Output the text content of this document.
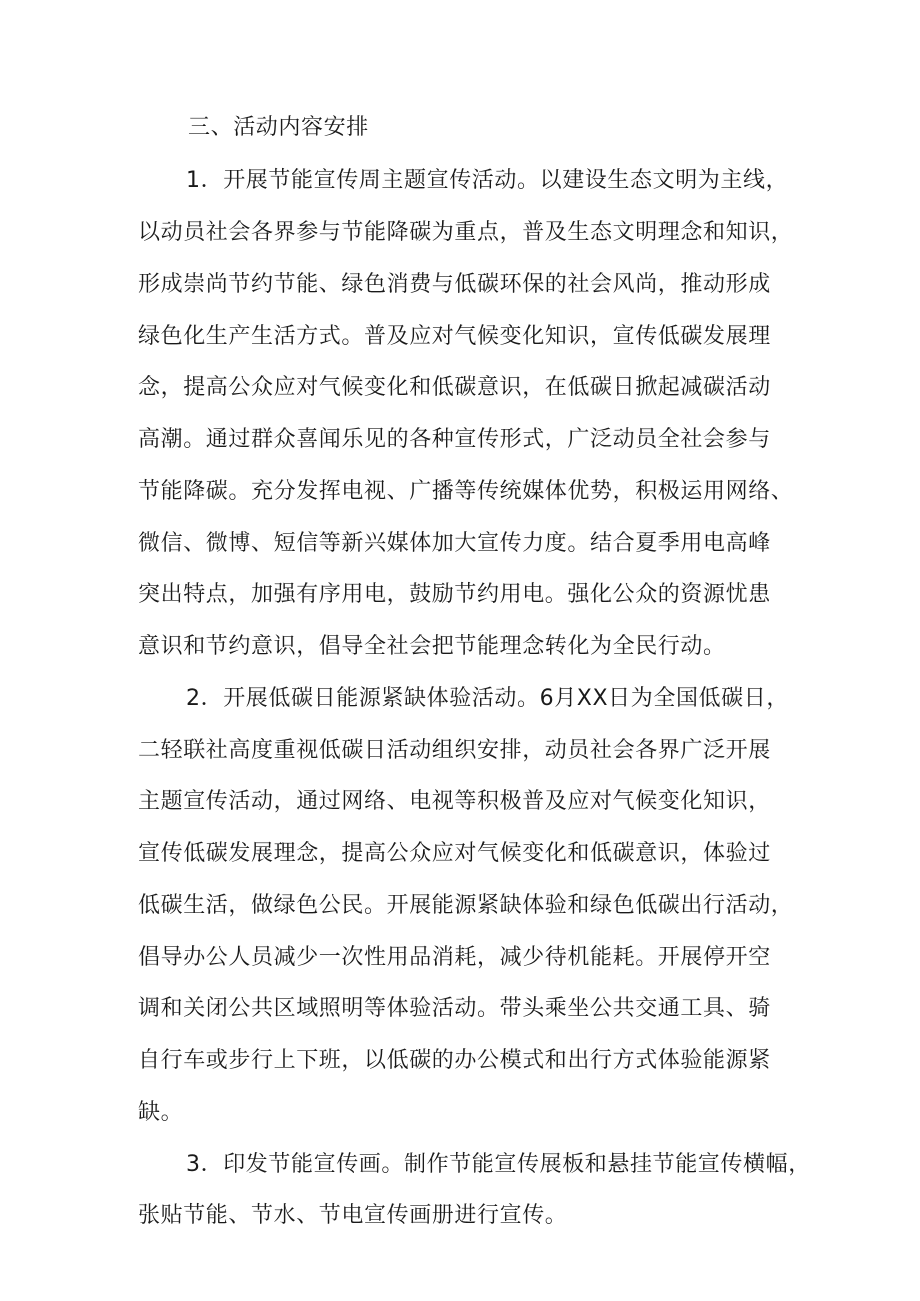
三、活动内容安排
1．开展节能宣传周主题宣传活动。以建设生态文明为主线，
以动员社会各界参与节能降碳为重点，普及生态文明理念和知识，
形成崇尚节约节能、绿色消费与低碳环保的社会风尚，推动形成
绿色化生产生活方式。普及应对气候变化知识，宣传低碳发展理
念，提高公众应对气候变化和低碳意识，在低碳日掀起减碳活动
高潮。通过群众喜闻乐见的各种宣传形式，广泛动员全社会参与
节能降碳。充分发挥电视、广播等传统媒体优势，积极运用网络、
微信、微博、短信等新兴媒体加大宣传力度。结合夏季用电高峰
突出特点，加强有序用电，鼓励节约用电。强化公众的资源忧患
意识和节约意识，倡导全社会把节能理念转化为全民行动。
2．开展低碳日能源紧缺体验活动。6月XX日为全国低碳日，
二轻联社高度重视低碳日活动组织安排，动员社会各界广泛开展
主题宣传活动，通过网络、电视等积极普及应对气候变化知识，
宣传低碳发展理念，提高公众应对气候变化和低碳意识，体验过
低碳生活，做绿色公民。开展能源紧缺体验和绿色低碳出行活动，
倡导办公人员减少一次性用品消耗，减少待机能耗。开展停开空
调和关闭公共区域照明等体验活动。带头乘坐公共交通工具、骑
自行车或步行上下班，以低碳的办公模式和出行方式体验能源紧
缺。
3．印发节能宣传画。制作节能宣传展板和悬挂节能宣传横幅，
张贴节能、节水、节电宣传画册进行宣传。
